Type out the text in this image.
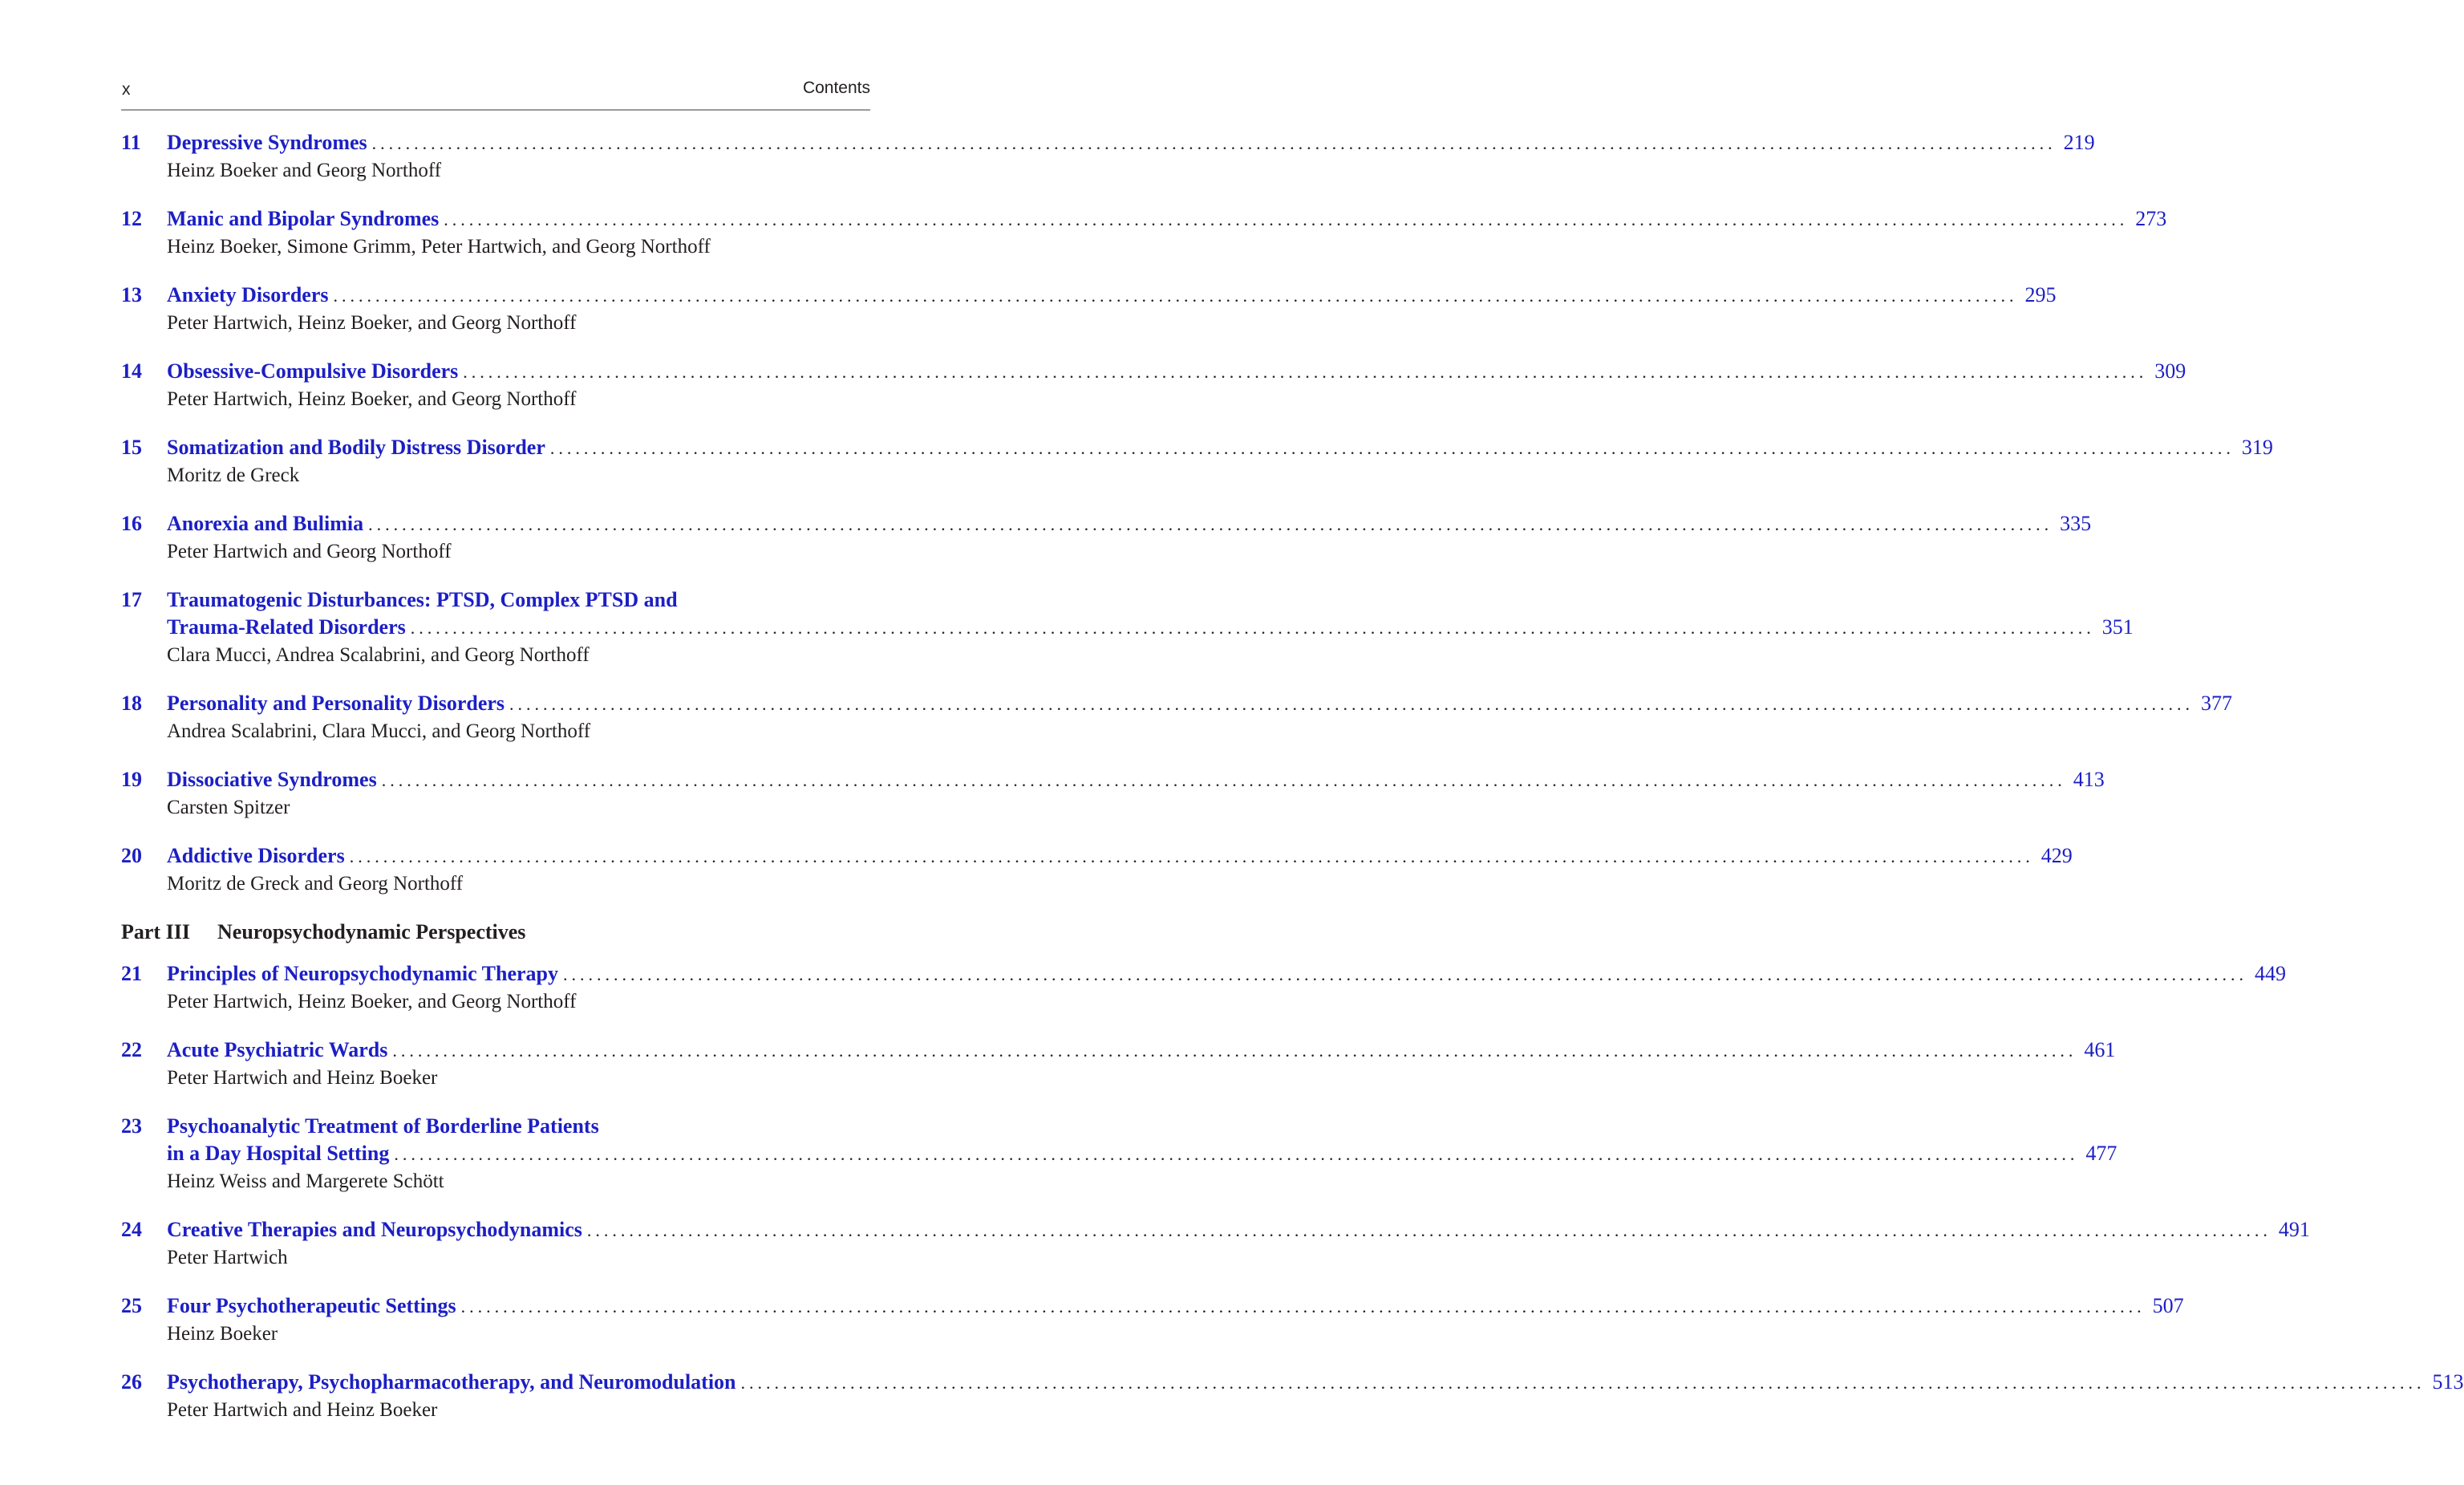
x	Contents
11	Depressive Syndromes ........................................................................................................................................................................................................ 219
Heinz Boeker and Georg Northoff
12	Manic and Bipolar Syndromes ........................................................................................................................................................................................................ 273
Heinz Boeker, Simone Grimm, Peter Hartwich, and Georg Northoff
13	Anxiety Disorders ........................................................................................................................................................................................................ 295
Peter Hartwich, Heinz Boeker, and Georg Northoff
14	Obsessive-Compulsive Disorders ........................................................................................................................................................................................................ 309
Peter Hartwich, Heinz Boeker, and Georg Northoff
15	Somatization and Bodily Distress Disorder ........................................................................................................................................................................................................ 319
Moritz de Greck
16	Anorexia and Bulimia ........................................................................................................................................................................................................ 335
Peter Hartwich and Georg Northoff
17	Traumatogenic Disturbances: PTSD, Complex PTSD and
Trauma-Related Disorders ........................................................................................................................................................................................................ 351
Clara Mucci, Andrea Scalabrini, and Georg Northoff
18	Personality and Personality Disorders ........................................................................................................................................................................................................ 377
Andrea Scalabrini, Clara Mucci, and Georg Northoff
19	Dissociative Syndromes ........................................................................................................................................................................................................ 413
Carsten Spitzer
20	Addictive Disorders ........................................................................................................................................................................................................ 429
Moritz de Greck and Georg Northoff
Part III	Neuropsychodynamic Perspectives
21	Principles of Neuropsychodynamic Therapy ........................................................................................................................................................................................................ 449
Peter Hartwich, Heinz Boeker, and Georg Northoff
22	Acute Psychiatric Wards ........................................................................................................................................................................................................ 461
Peter Hartwich and Heinz Boeker
23	Psychoanalytic Treatment of Borderline Patients
in a Day Hospital Setting ........................................................................................................................................................................................................ 477
Heinz Weiss and Margerete Schött
24	Creative Therapies and Neuropsychodynamics ........................................................................................................................................................................................................ 491
Peter Hartwich
25	Four Psychotherapeutic Settings ........................................................................................................................................................................................................ 507
Heinz Boeker
26	Psychotherapy, Psychopharmacotherapy, and Neuromodulation ........................................................................................................................................................................................................ 513
Peter Hartwich and Heinz Boeker
